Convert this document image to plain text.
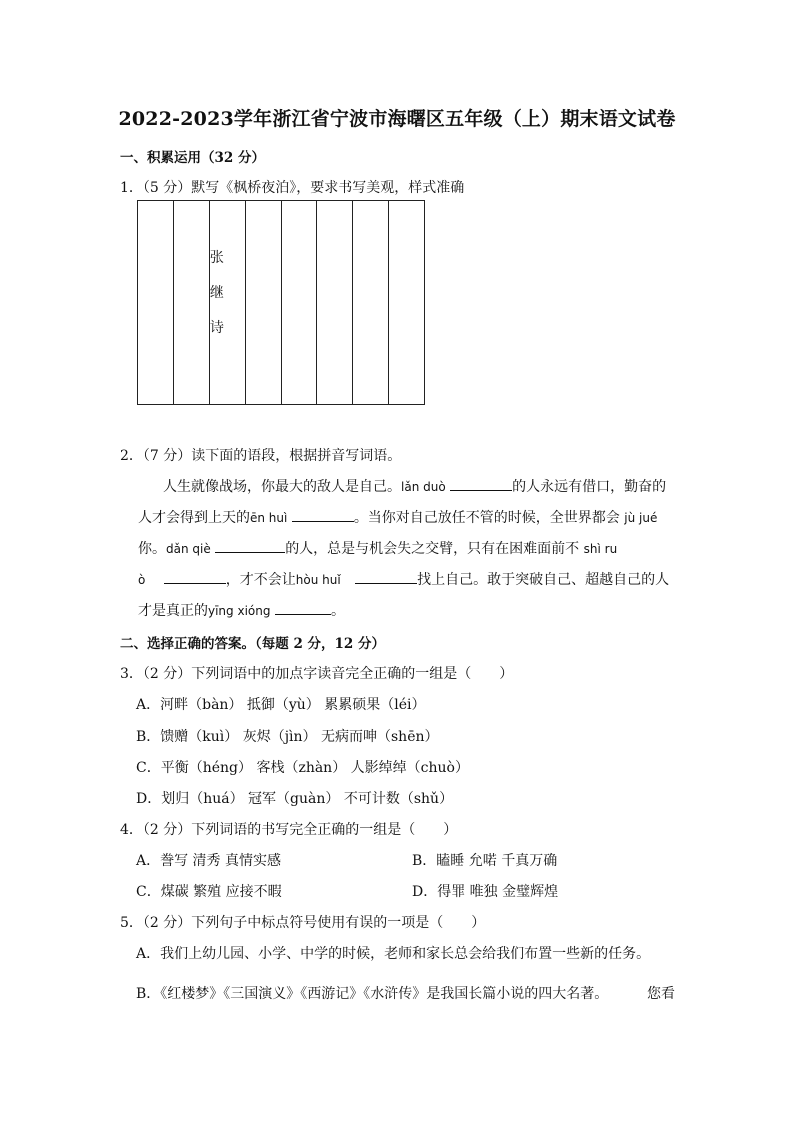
2022-2023学年浙江省宁波市海曙区五年级（上）期末语文试卷
一、积累运用（32 分）
1．（5 分）默写《枫桥夜泊》，要求书写美观，样式准确
张
继
诗
2．（7 分）读下面的语段，根据拼音写词语。
人生就像战场，你最大的敌人是自己。lǎn duò	的人永远有借口，勤奋的
人才会得到上天的ēn huì	。当你对自己放任不管的时候，全世界都会 jù jué
你。dǎn qiè	的人，总是与机会失之交臂，只有在困难面前不 shì ru
ò	，才不会让hòu huǐ	找上自己。敢于突破自己、超越自己的人
才是真正的yīng xióng	。
二、选择正确的答案。（每题 2 分，12 分）
3．（2 分）下列词语中的加点字读音完全正确的一组是（　　）
A．河畔（bàn） 抵御（yù） 累累硕果（léi）
B．馈赠（kuì） 灰烬（jìn） 无病而呻（shēn）
C．平衡（héng） 客栈（zhàn） 人影绰绰（chuò）
D．划归（huá） 冠军（guàn） 不可计数（shǔ）
4．（2 分）下列词语的书写完全正确的一组是（　　）
A．誊写 清秀 真情实感	B．瞌睡 允喏 千真万确
C．煤碳 繁殖 应接不暇	D．得罪 唯独 金璧辉煌
5．（2 分）下列句子中标点符号使用有误的一项是（　　）
A．我们上幼儿园、小学、中学的时候，老师和家长总会给我们布置一些新的任务。
B．《红楼梦》《三国演义》《西游记》《水浒传》是我国长篇小说的四大名著。	您看
